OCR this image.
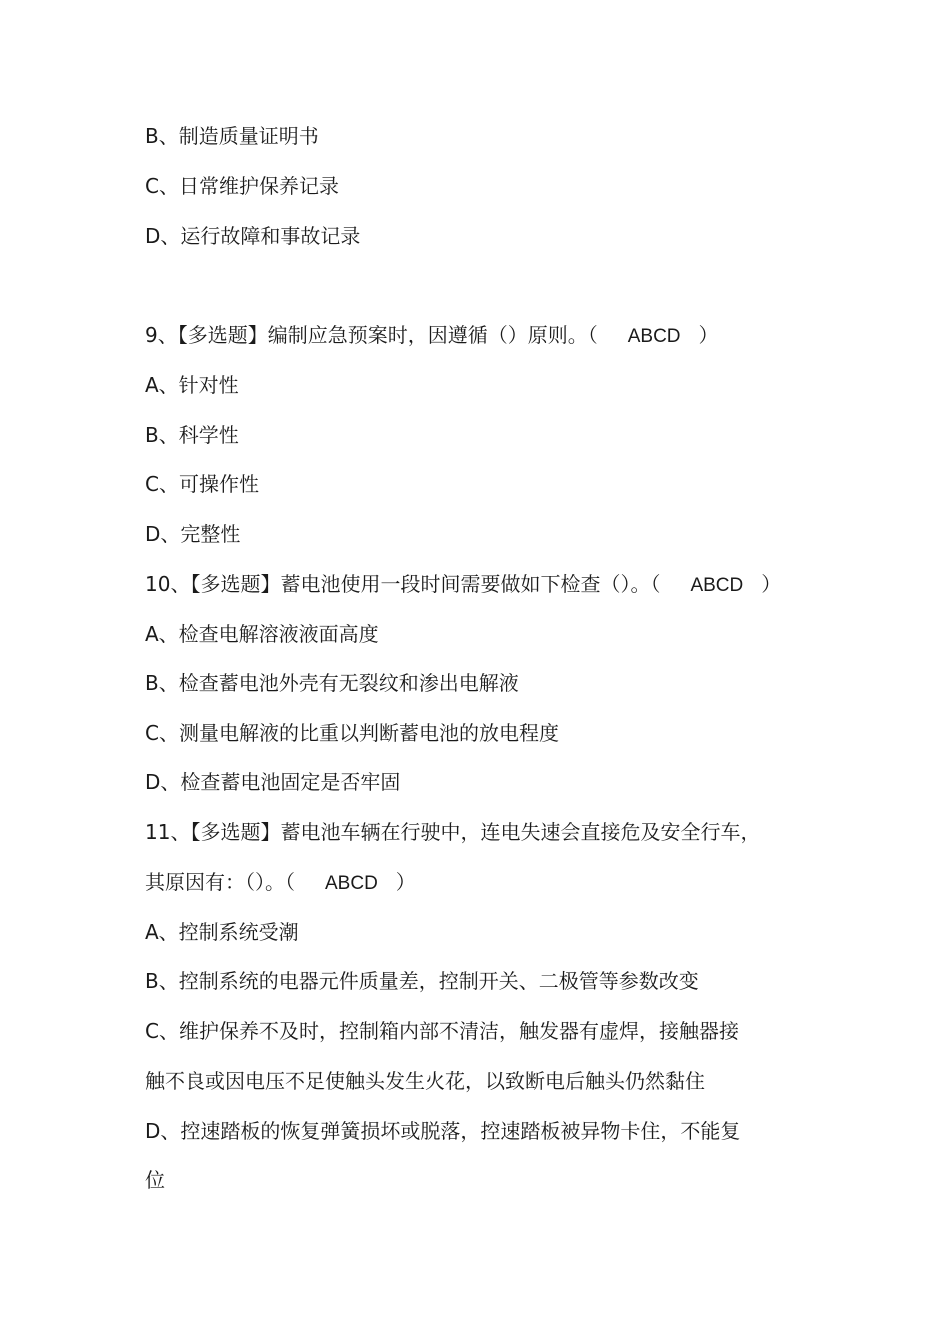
B、制造质量证明书
C、日常维护保养记录
D、运行故障和事故记录
9、【多选题】编制应急预案时，因遵循（）原则。（ ABCD ）
A、针对性
B、科学性
C、可操作性
D、完整性
10、【多选题】蓄电池使用一段时间需要做如下检查（）。（ ABCD ）
A、检查电解溶液液面高度
B、检查蓄电池外壳有无裂纹和渗出电解液
C、测量电解液的比重以判断蓄电池的放电程度
D、检查蓄电池固定是否牢固
11、【多选题】蓄电池车辆在行驶中，连电失速会直接危及安全行车，
其原因有：（）。（ ABCD ）
A、控制系统受潮
B、控制系统的电器元件质量差，控制开关、二极管等参数改变
C、维护保养不及时，控制箱内部不清洁，触发器有虚焊，接触器接
触不良或因电压不足使触头发生火花，以致断电后触头仍然黏住
D、控速踏板的恢复弹簧损坏或脱落，控速踏板被异物卡住，不能复
位
